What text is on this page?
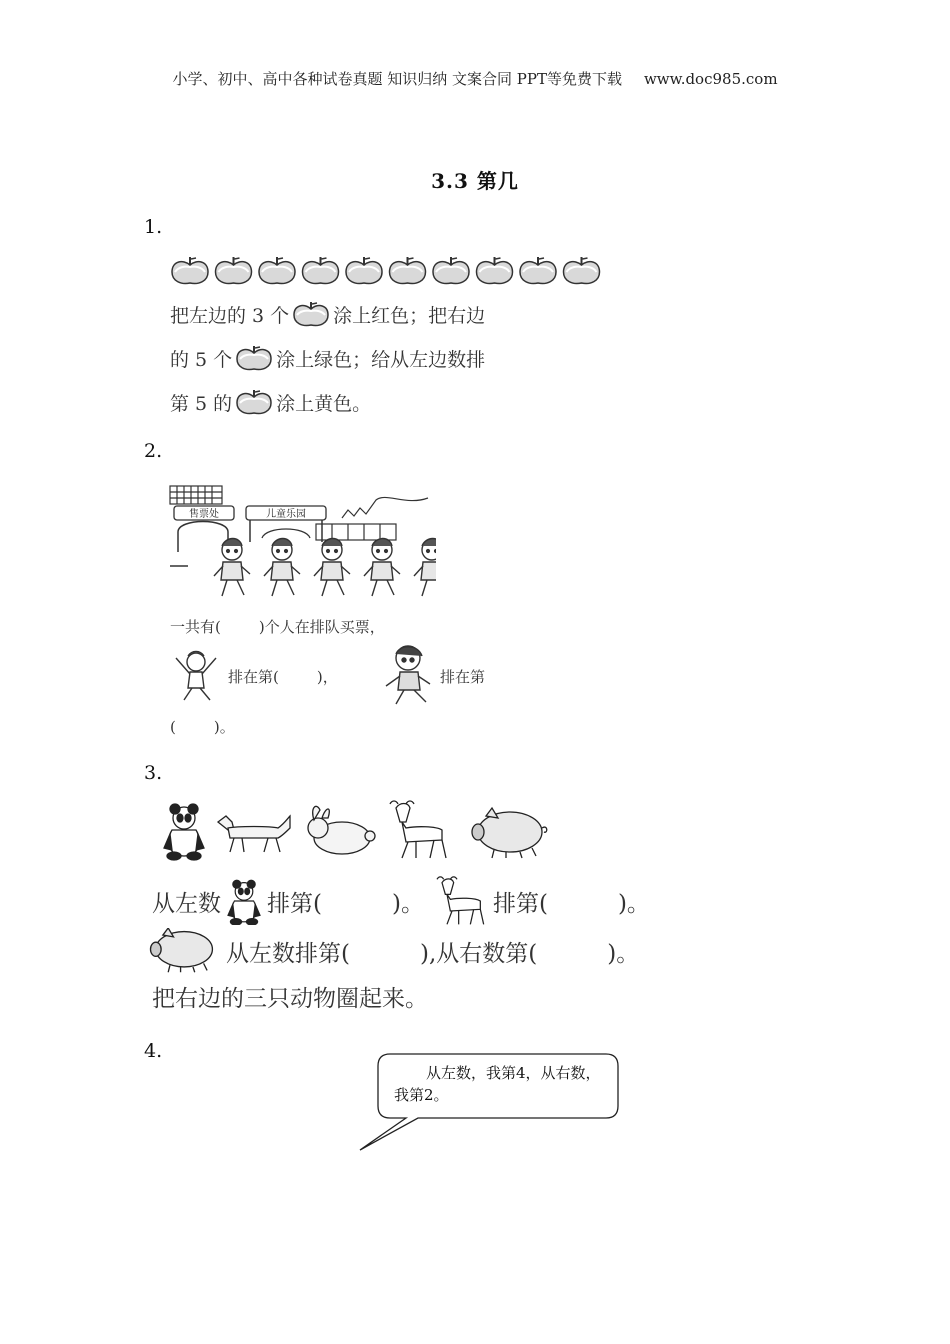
小学、初中、高中各种试卷真题 知识归纳 文案合同 PPT等免费下载 www.doc985.com
3.3 第几
1.
把左边的 3 个 涂上红色；把右边
的 5 个 涂上绿色；给从左边数排
第 5 的 涂上黄色。
2.
售票处	儿童乐园
一共有(	)个人在排队买票，
排在第(	)，	排在第
(	)。
3.
从左数 排第(	)。	排第(	)。
从左数排第(	),从右数第(	)。
把右边的三只动物圈起来。
4.
从左数，我第4，从右数，我第2。
